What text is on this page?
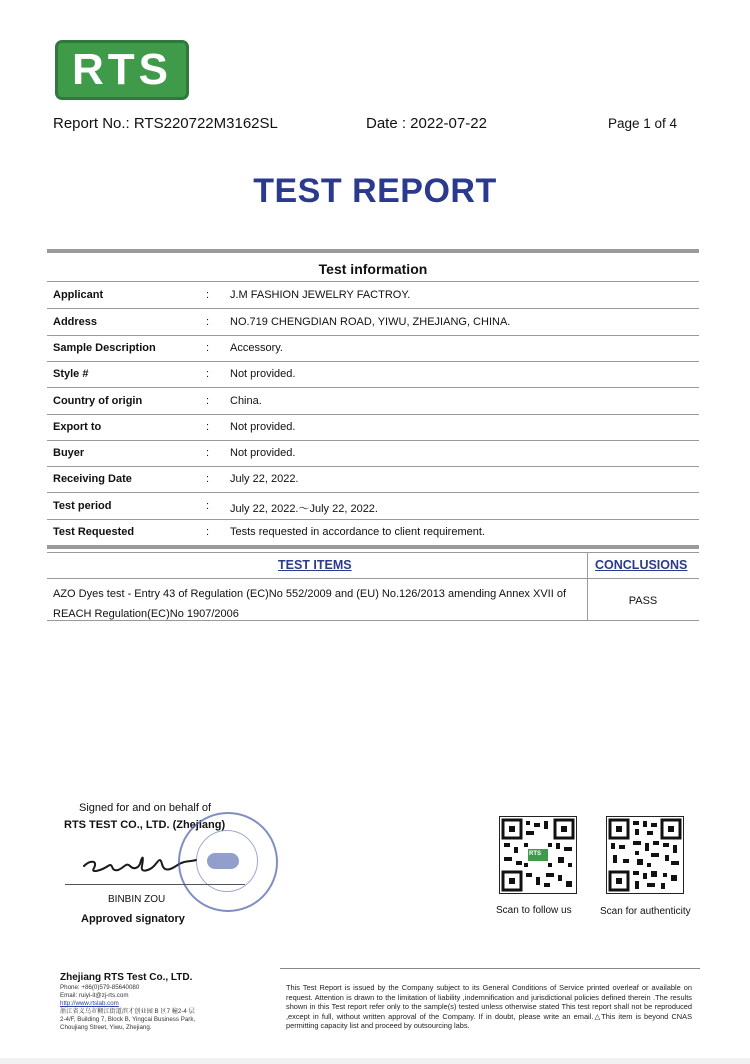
RTS
Report No.: RTS220722M3162SL	Date : 2022-07-22	Page 1 of 4
TEST REPORT
Test information
Applicant	: J.M FASHION JEWELRY FACTROY.
Address	: NO.719 CHENGDIAN ROAD, YIWU, ZHEJIANG, CHINA.
Sample Description	: Accessory.
Style #	: Not provided.
Country of origin	: China.
Export to	: Not provided.
Buyer	: Not provided.
Receiving Date	: July 22, 2022.
Test period	: July 22, 2022.～July 22, 2022.
Test Requested	: Tests requested in accordance to client requirement.
TEST ITEMS	CONCLUSIONS
AZO Dyes test - Entry 43 of Regulation (EC)No 552/2009 and (EU) No.126/2013 amending Annex XVII of
REACH Regulation(EC)No 1907/2006
PASS
Signed for and on behalf of
RTS TEST CO., LTD. (Zhejiang)
BINBIN ZOU
Approved signatory
RTS
Scan to follow us	Scan for authenticity
Zhejiang RTS Test Co., LTD.
Phone: +86(0)579-85640080
Email: ruiyi-it@zj-rts.com
http://www.rtslab.com
浙江省义乌市稠江街道滨才创业园 B 区7 幢2-4 层
2-4/F, Building 7, Block B, Yingcai Business Park,
Choujiang Street, Yiwu, Zhejiang.
This Test Report is issued by the Company subject to its General Conditions of Service printed overleaf or available on request. Attention is drawn to the limitation of liability ,indemnification and jurisdictional policies defined therein .The results shown in this Test report refer only to the sample(s) tested unless otherwise stated This test report shall not be reproduced ,except in full, without written approval of the Company. If in doubt, please write an email.△This item is beyond CNAS permitting capacity list and proceed by outsourcing labs.
